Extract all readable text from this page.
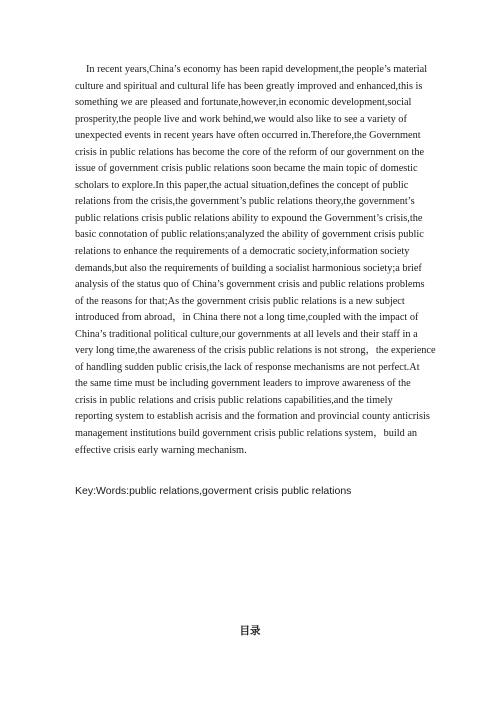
In recent years,China’s economy has been rapid development,the people’s material
culture and spiritual and cultural life has been greatly improved and enhanced,this is
something we are pleased and fortunate,however,in economic development,social
prosperity,the people live and work behind,we would also like to see a variety of
unexpected events in recent years have often occurred in.Therefore,the Government
crisis in public relations has become the core of the reform of our government on the
issue of government crisis public relations soon became the main topic of domestic
scholars to explore.In this paper,the actual situation,defines the concept of public
relations from the crisis,the government’s public relations theory,the government’s
public relations crisis public relations ability to expound the Government’s crisis,the
basic connotation of public relations;analyzed the ability of government crisis public
relations to enhance the requirements of a democratic society,information society
demands,but also the requirements of building a socialist harmonious society;a brief
analysis of the status quo of China’s government crisis and public relations problems
of the reasons for that;As the government crisis public relations is a new subject
introduced from abroad，in China there not a long time,coupled with the impact of
China’s traditional political culture,our governments at all levels and their staff in a
very long time,the awareness of the crisis public relations is not strong，the experience
of handling sudden public crisis,the lack of response mechanisms are not perfect.At
the same time must be including government leaders to improve awareness of the
crisis in public relations and crisis public relations capabilities,and the timely
reporting system to establish acrisis and the formation and provincial county anticrisis
management institutions build government crisis public relations system，build an
effective crisis early warning mechanism.
Key:Words:public relations,goverment crisis public relations
目录
